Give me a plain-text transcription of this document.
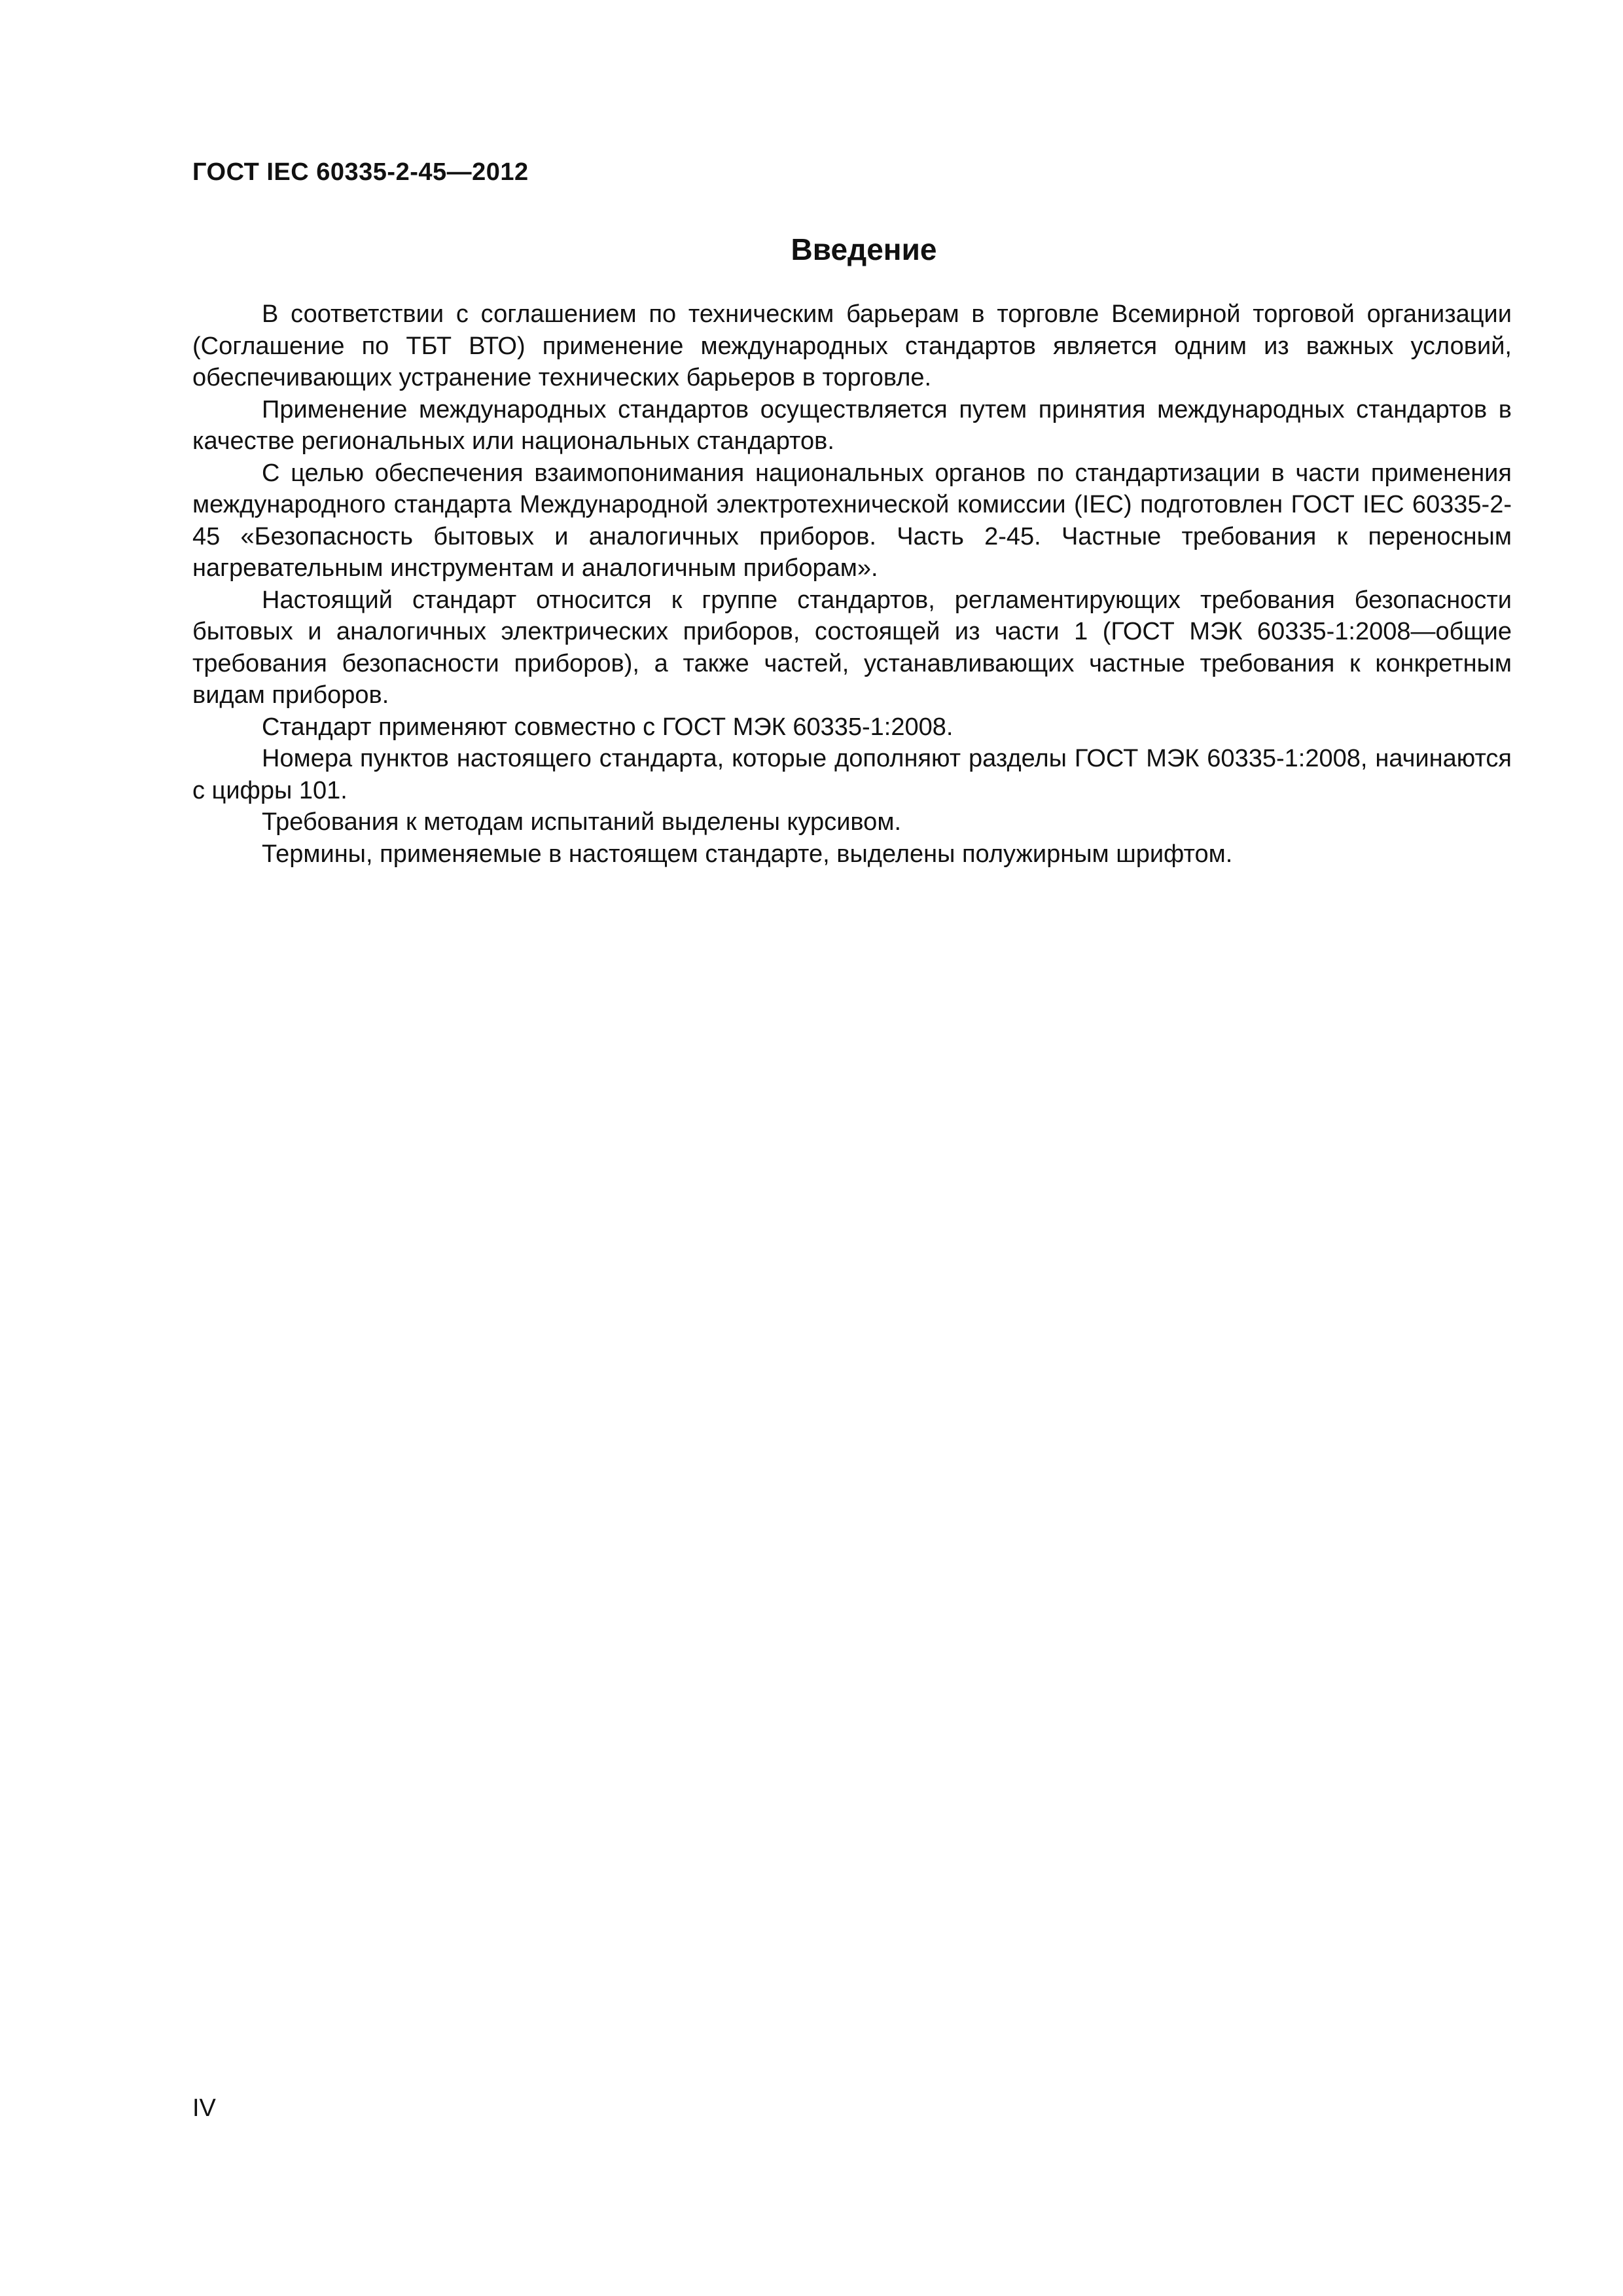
ГОСТ IEC 60335-2-45—2012
Введение

В соответствии с соглашением по техническим барьерам в торговле Всемирной торговой организации (Соглашение по ТБТ ВТО) применение международных стандартов является одним из важных условий, обеспечивающих устранение технических барьеров в торговле.

Применение международных стандартов осуществляется путем принятия международных стандартов в качестве региональных или национальных стандартов.

С целью обеспечения взаимопонимания национальных органов по стандартизации в части применения международного стандарта Международной электротехнической комиссии (IEC) подготовлен ГОСТ IEC 60335-2-45 «Безопасность бытовых и аналогичных приборов. Часть 2-45. Частные требования к переносным нагревательным инструментам и аналогичным приборам».

Настоящий стандарт относится к группе стандартов, регламентирующих требования безопасности бытовых и аналогичных электрических приборов, состоящей из части 1 (ГОСТ МЭК 60335-1:2008—общие требования безопасности приборов), а также частей, устанавливающих частные требования к конкретным видам приборов.

Стандарт применяют совместно с ГОСТ МЭК 60335-1:2008.

Номера пунктов настоящего стандарта, которые дополняют разделы ГОСТ МЭК 60335-1:2008, начинаются с цифры 101.

Требования к методам испытаний выделены курсивом.

Термины, применяемые в настоящем стандарте, выделены полужирным шрифтом.

IV
